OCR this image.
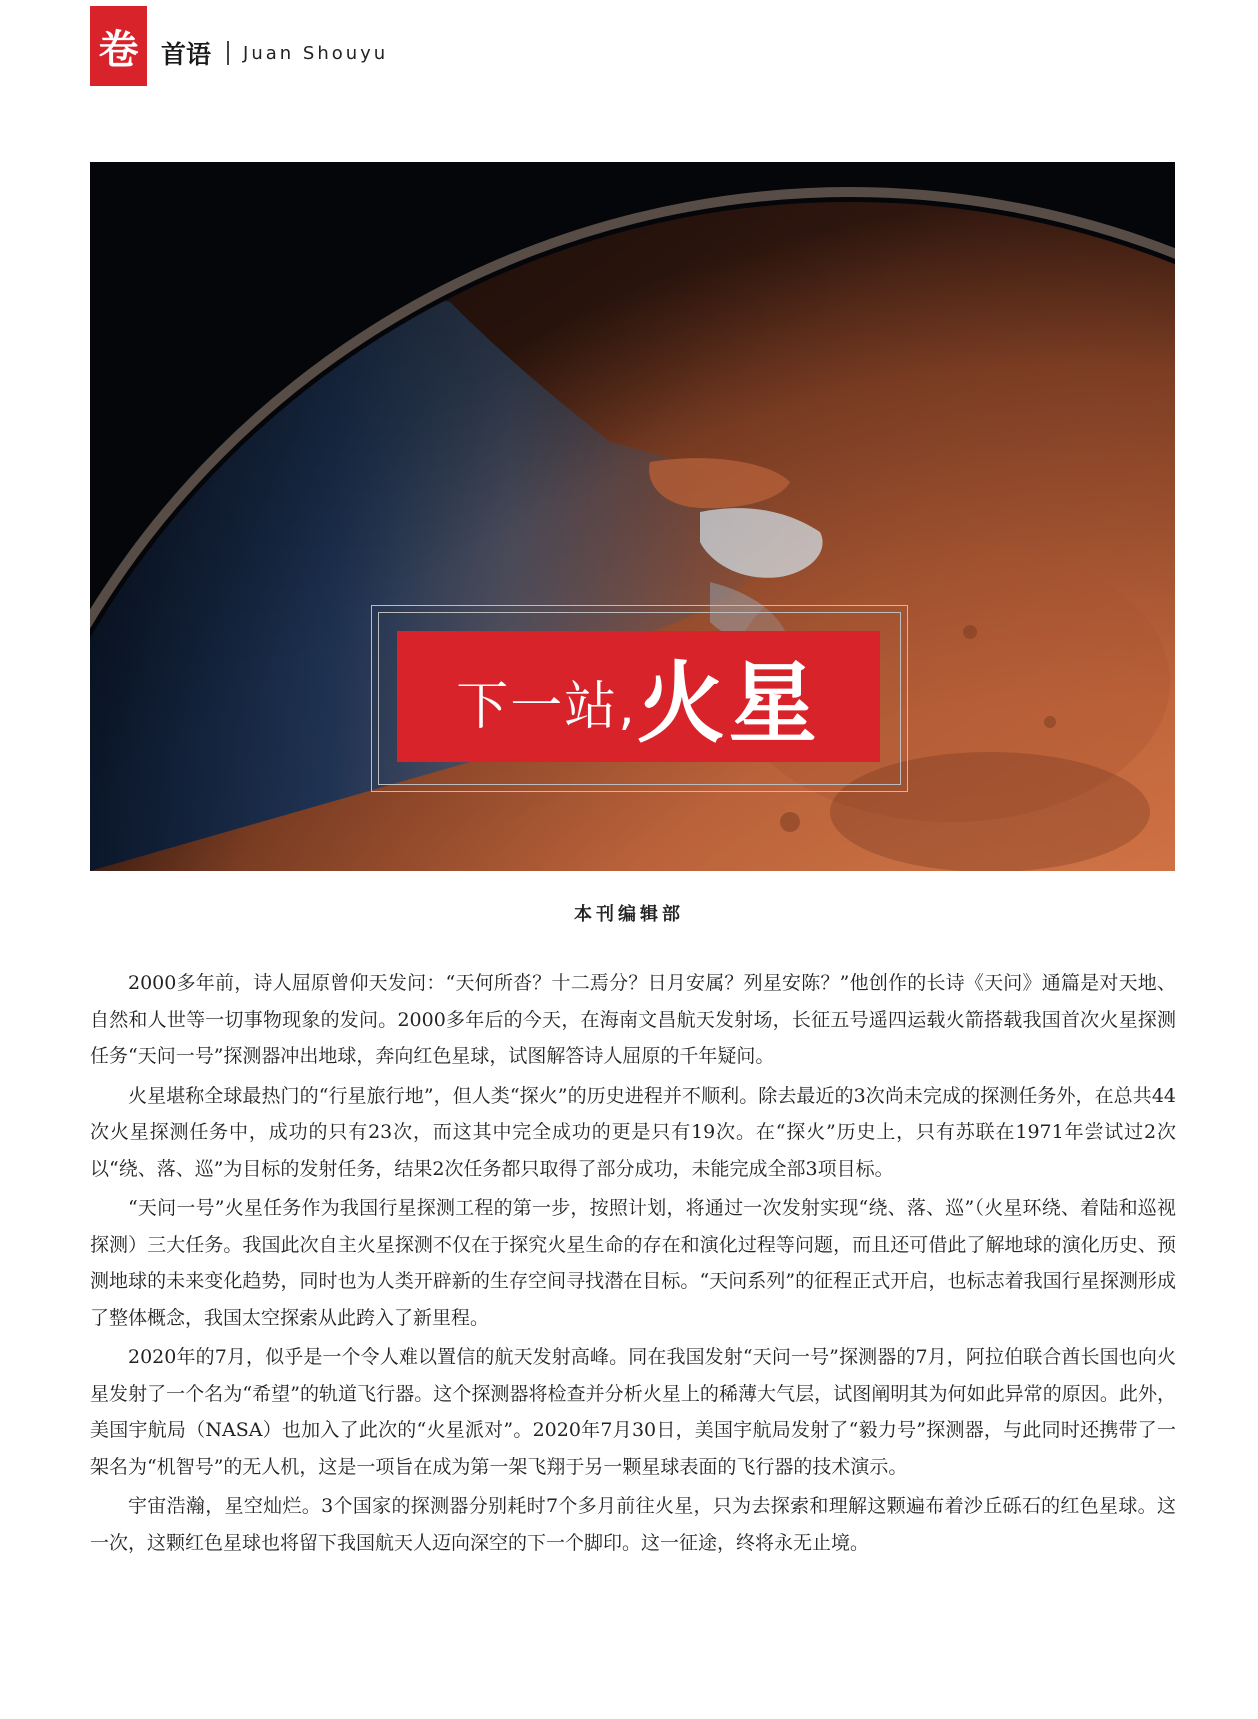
卷 首语 Juan Shouyu
下一站, 火星
本刊编辑部

2000多年前，诗人屈原曾仰天发问：“天何所沓？十二焉分？日月安属？列星安陈？”他创作的长诗《天问》通篇是对天地、自然和人世等一切事物现象的发问。2000多年后的今天，在海南文昌航天发射场，长征五号遥四运载火箭搭载我国首次火星探测任务“天问一号”探测器冲出地球，奔向红色星球，试图解答诗人屈原的千年疑问。

火星堪称全球最热门的“行星旅行地”，但人类“探火”的历史进程并不顺利。除去最近的3次尚未完成的探测任务外，在总共44次火星探测任务中，成功的只有23次，而这其中完全成功的更是只有19次。在“探火”历史上，只有苏联在1971年尝试过2次以“绕、落、巡”为目标的发射任务，结果2次任务都只取得了部分成功，未能完成全部3项目标。

“天问一号”火星任务作为我国行星探测工程的第一步，按照计划，将通过一次发射实现“绕、落、巡”（火星环绕、着陆和巡视探测）三大任务。我国此次自主火星探测不仅在于探究火星生命的存在和演化过程等问题，而且还可借此了解地球的演化历史、预测地球的未来变化趋势，同时也为人类开辟新的生存空间寻找潜在目标。“天问系列”的征程正式开启，也标志着我国行星探测形成了整体概念，我国太空探索从此跨入了新里程。

2020年的7月，似乎是一个令人难以置信的航天发射高峰。同在我国发射“天问一号”探测器的7月，阿拉伯联合酋长国也向火星发射了一个名为“希望”的轨道飞行器。这个探测器将检查并分析火星上的稀薄大气层，试图阐明其为何如此异常的原因。此外，美国宇航局（NASA）也加入了此次的“火星派对”。2020年7月30日，美国宇航局发射了“毅力号”探测器，与此同时还携带了一架名为“机智号”的无人机，这是一项旨在成为第一架飞翔于另一颗星球表面的飞行器的技术演示。

宇宙浩瀚，星空灿烂。3个国家的探测器分别耗时7个多月前往火星，只为去探索和理解这颗遍布着沙丘砾石的红色星球。这一次，这颗红色星球也将留下我国航天人迈向深空的下一个脚印。这一征途，终将永无止境。
